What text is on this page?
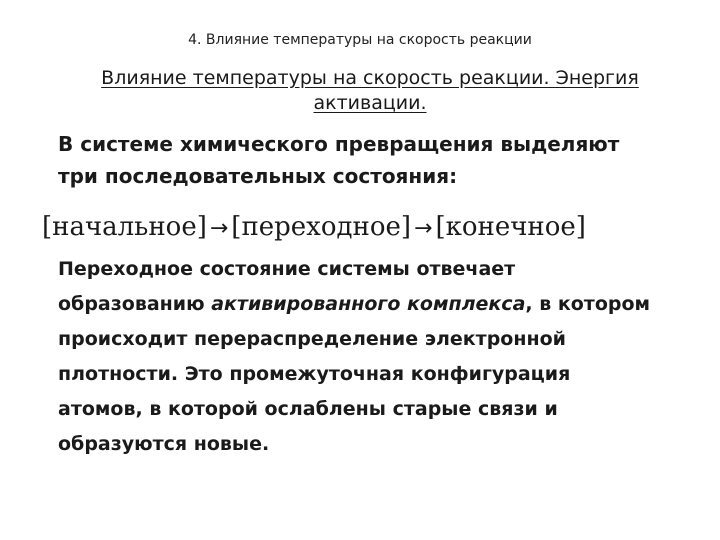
4. Влияние температуры на скорость реакции
Влияние температуры на скорость реакции. Энергия
активации.
В системе химического превращения выделяют
три последовательных состояния:
[начальное] → [переходное] → [конечное]
Переходное состояние системы отвечает образованию активированного комплекса, в котором происходит перераспределение электронной плотности. Это промежуточная конфигурация атомов, в которой ослаблены старые связи и образуются новые.
